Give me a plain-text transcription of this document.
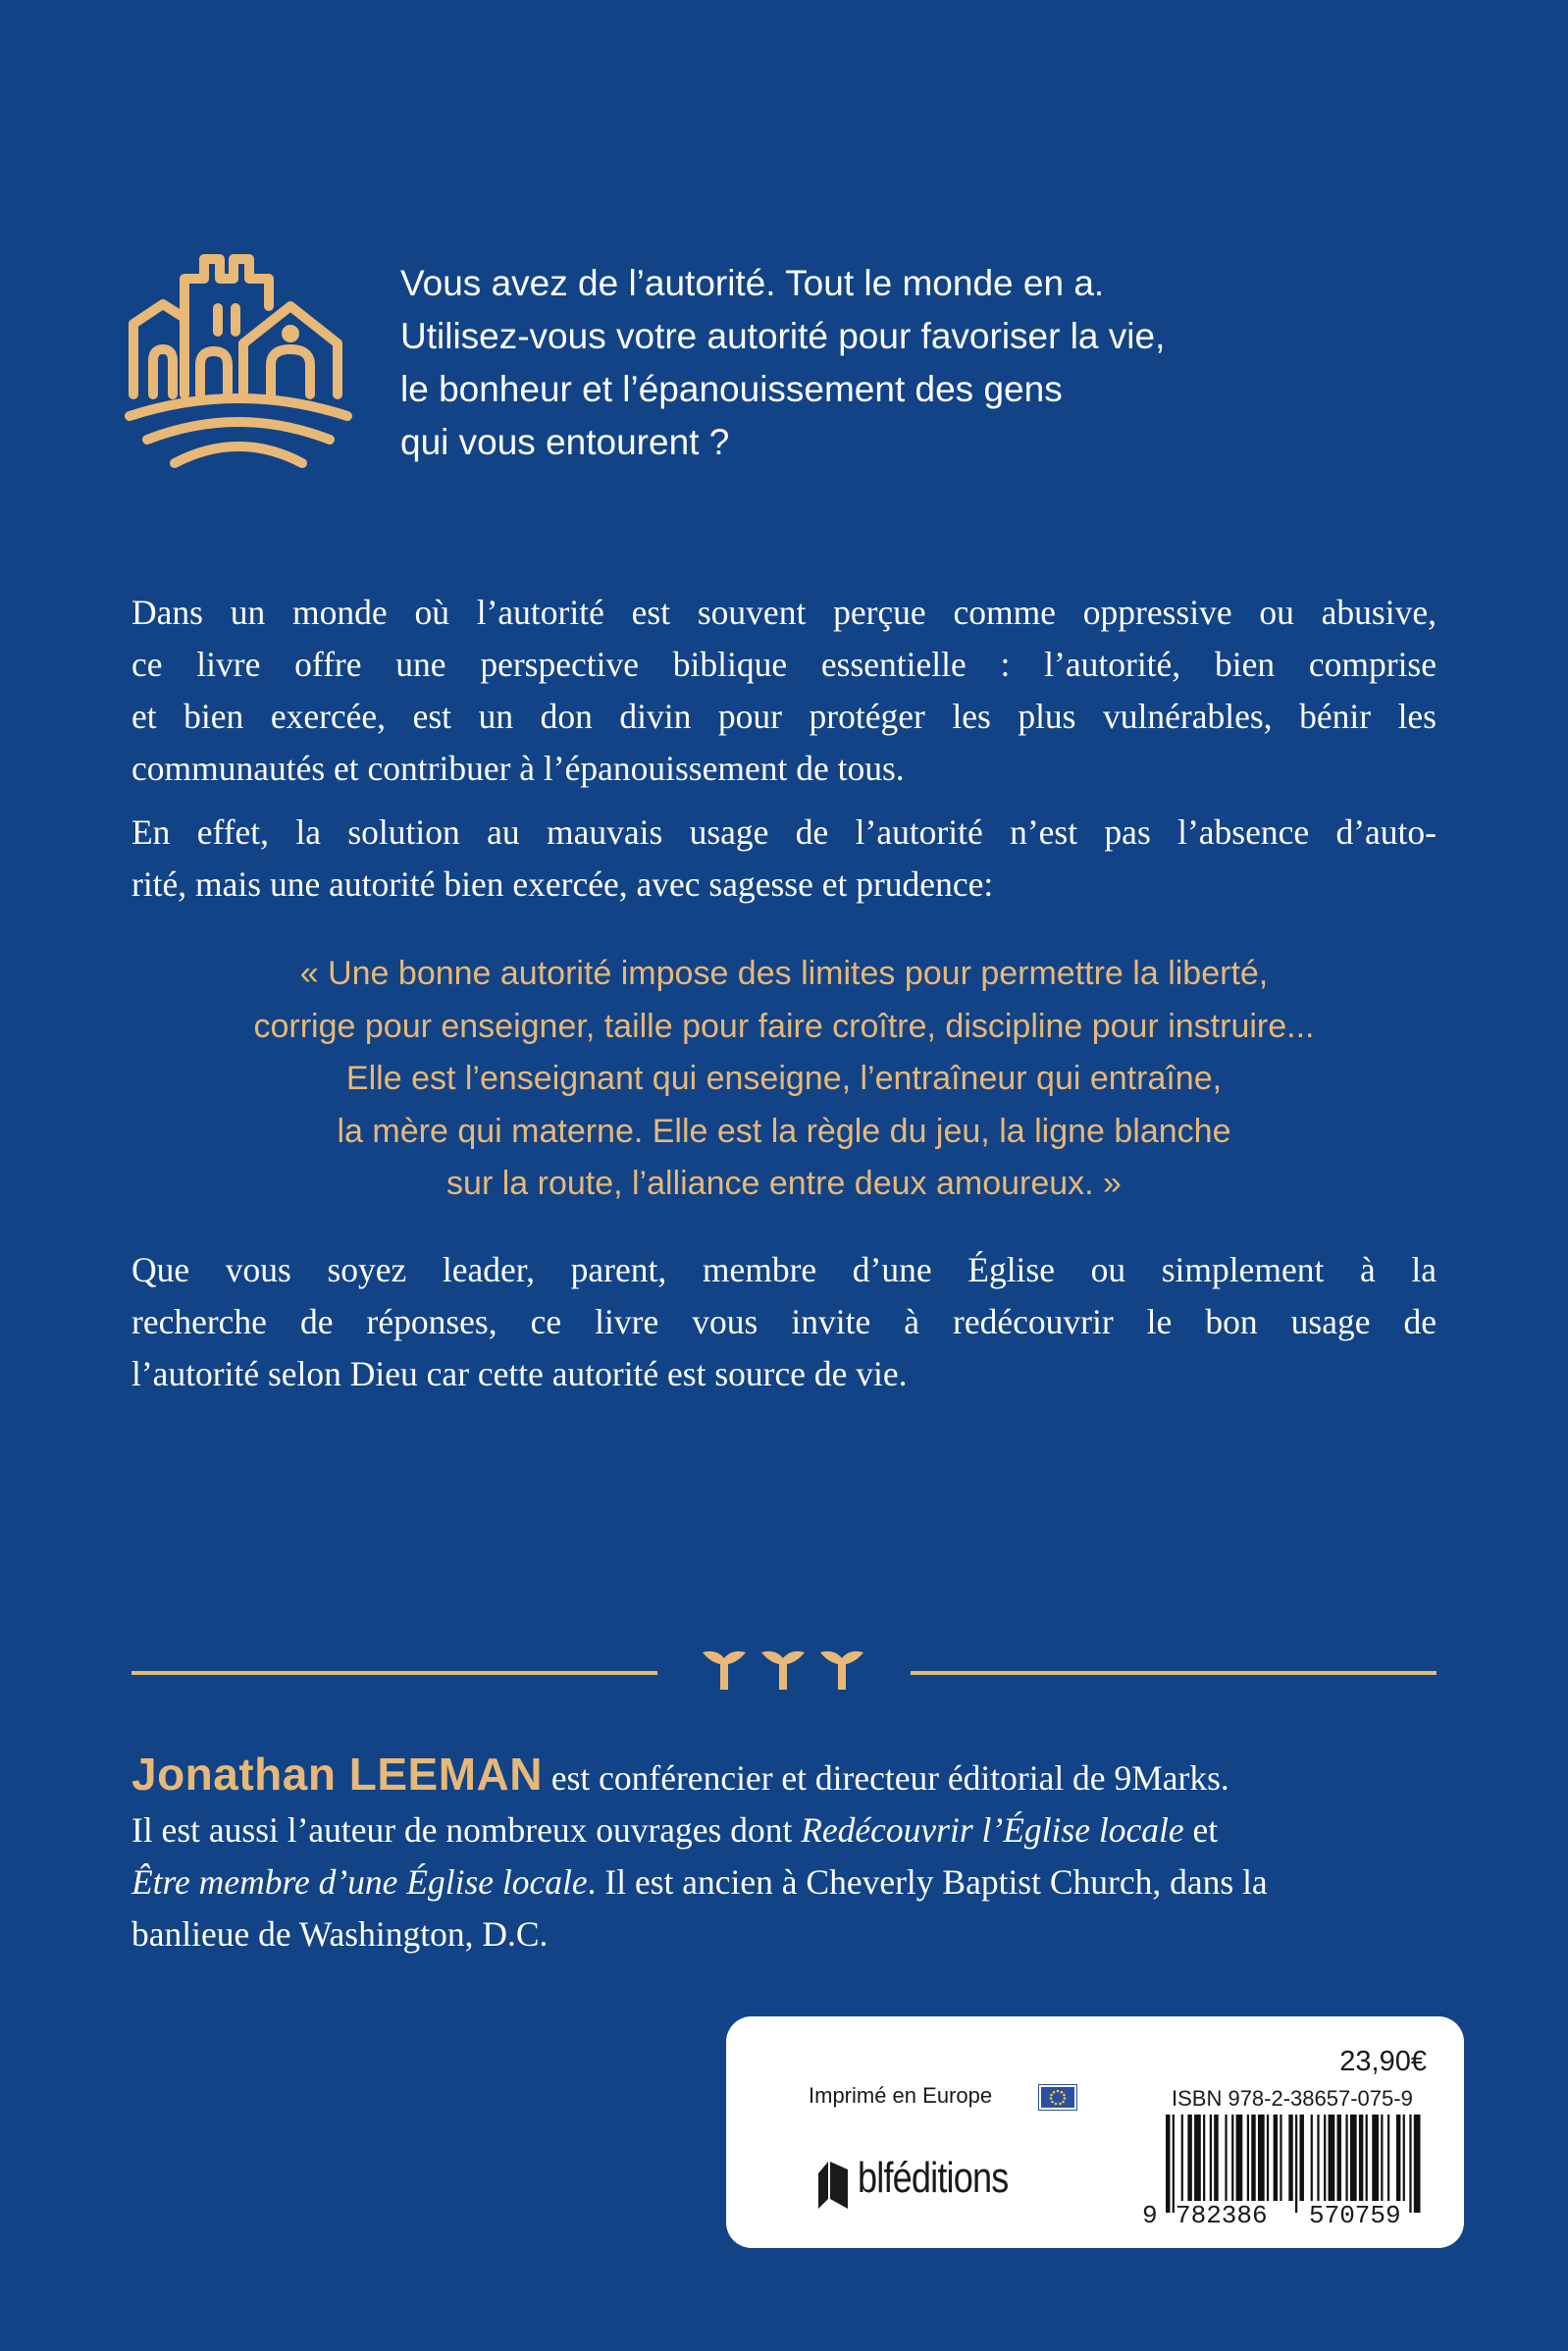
Vous avez de l’autorité. Tout le monde en a.
Utilisez-vous votre autorité pour favoriser la vie,
le bonheur et l’épanouissement des gens
qui vous entourent ?
Dans un monde où l’autorité est souvent perçue comme oppressive ou abusive,
ce livre offre une perspective biblique essentielle : l’autorité, bien comprise
et bien exercée, est un don divin pour protéger les plus vulnérables, bénir les
communautés et contribuer à l’épanouissement de tous.
En effet, la solution au mauvais usage de l’autorité n’est pas l’absence d’auto-
rité, mais une autorité bien exercée, avec sagesse et prudence:
« Une bonne autorité impose des limites pour permettre la liberté,
corrige pour enseigner, taille pour faire croître, discipline pour instruire...
Elle est l’enseignant qui enseigne, l’entraîneur qui entraîne,
la mère qui materne. Elle est la règle du jeu, la ligne blanche
sur la route, l’alliance entre deux amoureux. »
Que vous soyez leader, parent, membre d’une Église ou simplement à la
recherche de réponses, ce livre vous invite à redécouvrir le bon usage de
l’autorité selon Dieu car cette autorité est source de vie.
Jonathan LEEMAN est conférencier et directeur éditorial de 9Marks.
Il est aussi l’auteur de nombreux ouvrages dont Redécouvrir l’Église locale et
Être membre d’une Église locale. Il est ancien à Cheverly Baptist Church, dans la
banlieue de Washington, D.C.
23,90€
Imprimé en Europe	ISBN 978-2-38657-075-9
9 782386 570759
blféditions
